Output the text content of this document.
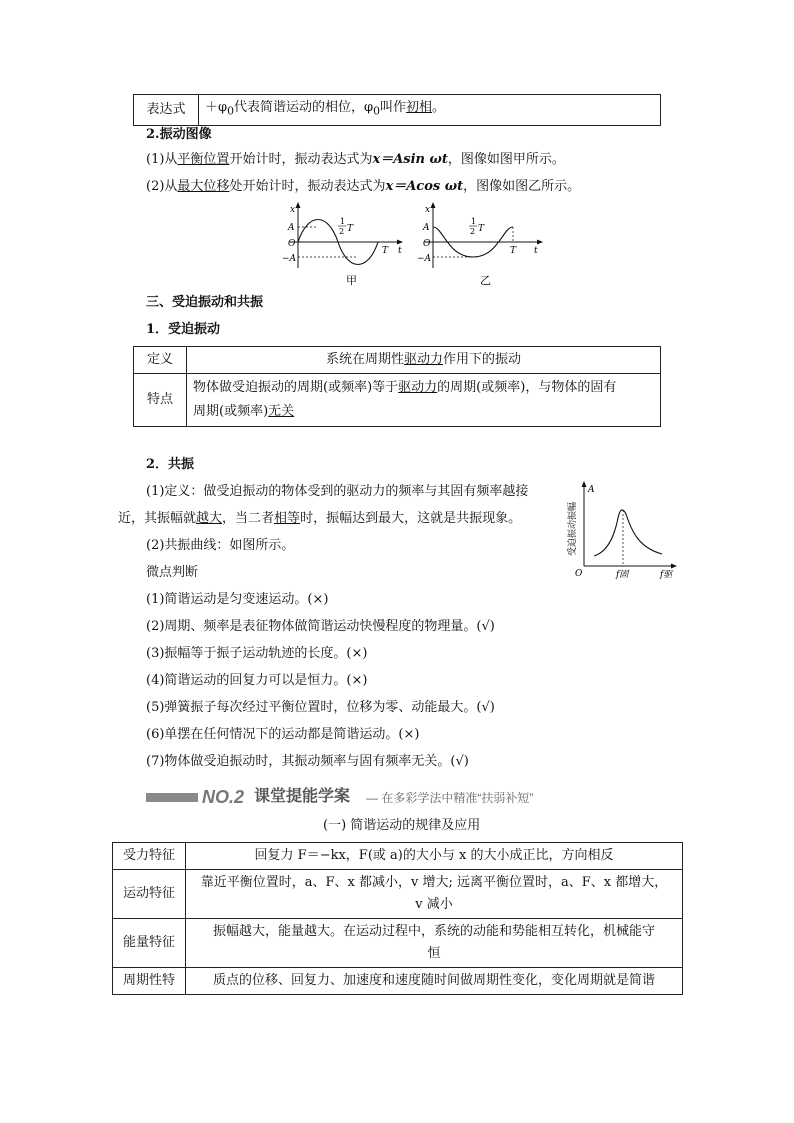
表达式	$+\varphi_0$代表简谐运动的相位，$\varphi_0$叫作初相。
2.振动图像
(1)从平衡位置开始计时，振动表达式为x＝Asin ωt，图像如图甲所示。
(2)从最大位移处开始计时，振动表达式为x＝Acos ωt，图像如图乙所示。
x
A
O
−A
1
2 T
T t
甲
x
A
O
−A
1
2 T
T t
乙
三、受迫振动和共振
1．受迫振动
定义	系统在周期性驱动力作用下的振动
特点	物体做受迫振动的周期(或频率)等于驱动力的周期(或频率)，与物体的固有
周期(或频率)无关
2．共振
(1)定义：做受迫振动的物体受到的驱动力的频率与其固有频率越接
近，其振幅就越大，当二者相等时，振幅达到最大，这就是共振现象。
(2)共振曲线：如图所示。	受迫振动振幅
A
O	f固	f驱
微点判断
(1)简谐运动是匀变速运动。(×)
(2)周期、频率是表征物体做简谐运动快慢程度的物理量。(√)
(3)振幅等于振子运动轨迹的长度。(×)
(4)简谐运动的回复力可以是恒力。(×)
(5)弹簧振子每次经过平衡位置时，位移为零、动能最大。(√)
(6)单摆在任何情况下的运动都是简谐运动。(×)
(7)物体做受迫振动时，其振动频率与固有频率无关。(√)
NO.2 课堂提能学案 — 在多彩学法中精准“扶弱补短”
(一) 简谐运动的规律及应用
受力特征	回复力 F＝−kx，F(或 a)的大小与 x 的大小成正比，方向相反
运动特征	靠近平衡位置时，a、F、x 都减小，v 增大; 远离平衡位置时，a、F、x 都增大，
v 减小

能量特征	振幅越大，能量越大。在运动过程中，系统的动能和势能相互转化，机械能守
恒

周期性特	质点的位移、回复力、加速度和速度随时间做周期性变化，变化周期就是简谐
